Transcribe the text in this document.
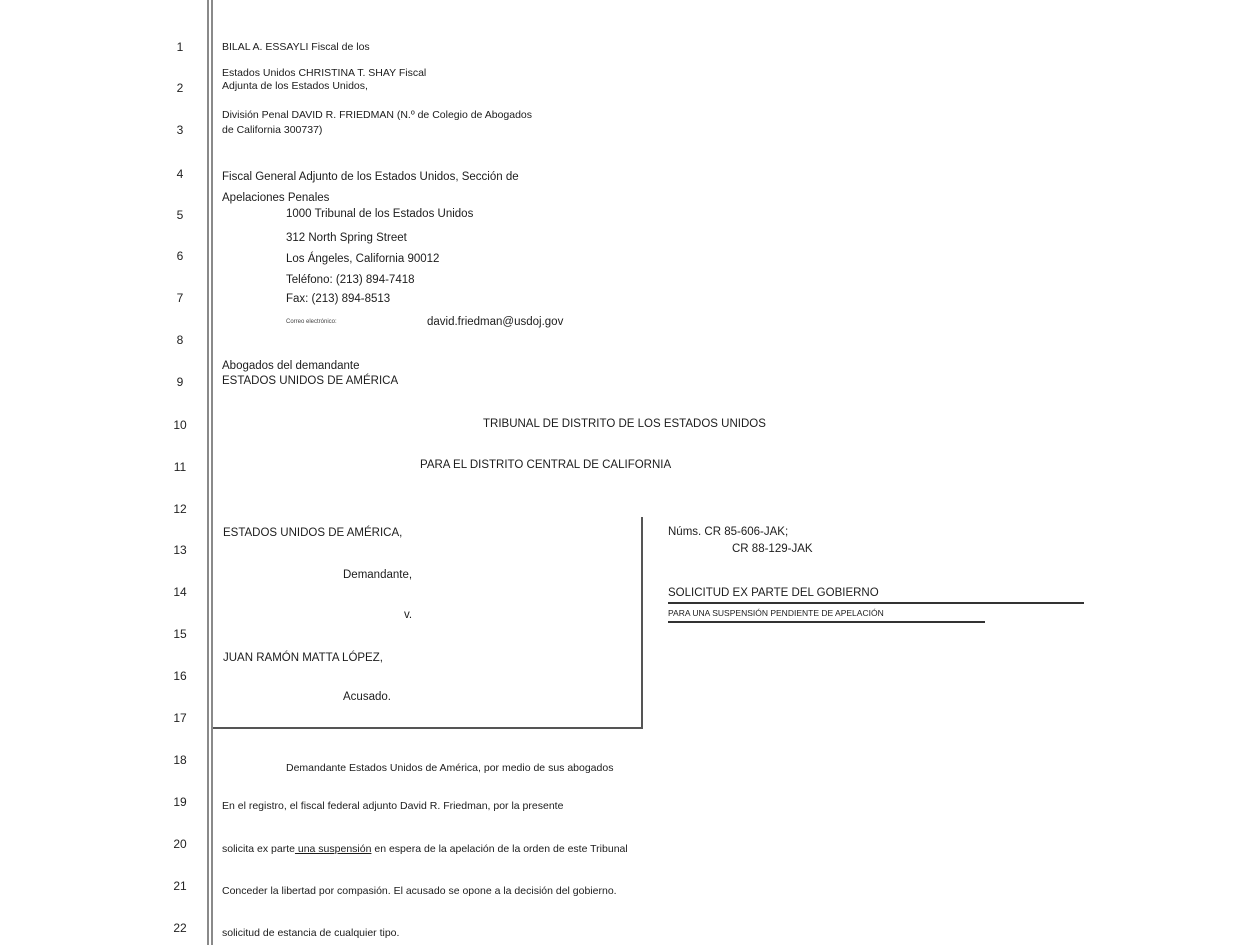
1
2
3
4
5
6
7
8
9
10
11
12
13
14
15
16
17
18
19
20
21
22
BILAL A. ESSAYLI Fiscal de los
Estados Unidos CHRISTINA T. SHAY Fiscal
Adjunta de los Estados Unidos,
División Penal DAVID R. FRIEDMAN (N.º de Colegio de Abogados
de California 300737)
Fiscal General Adjunto de los Estados Unidos, Sección de
Apelaciones Penales
1000 Tribunal de los Estados Unidos
312 North Spring Street
Los Ángeles, California 90012
Teléfono: (213) 894-7418
Fax: (213) 894-8513
Correo electrónico:	david.friedman@usdoj.gov
Abogados del demandante
ESTADOS UNIDOS DE AMÉRICA
TRIBUNAL DE DISTRITO DE LOS ESTADOS UNIDOS
PARA EL DISTRITO CENTRAL DE CALIFORNIA
ESTADOS UNIDOS DE AMÉRICA,
Demandante,
v.
JUAN RAMÓN MATTA LÓPEZ,
Acusado.
Núms. CR 85-606-JAK;
CR 88-129-JAK
SOLICITUD EX PARTE DEL GOBIERNO
PARA UNA SUSPENSIÓN PENDIENTE DE APELACIÓN
Demandante Estados Unidos de América, por medio de sus abogados
En el registro, el fiscal federal adjunto David R. Friedman, por la presente
solicita ex parte una suspensión en espera de la apelación de la orden de este Tribunal
Conceder la libertad por compasión. El acusado se opone a la decisión del gobierno.
solicitud de estancia de cualquier tipo.
